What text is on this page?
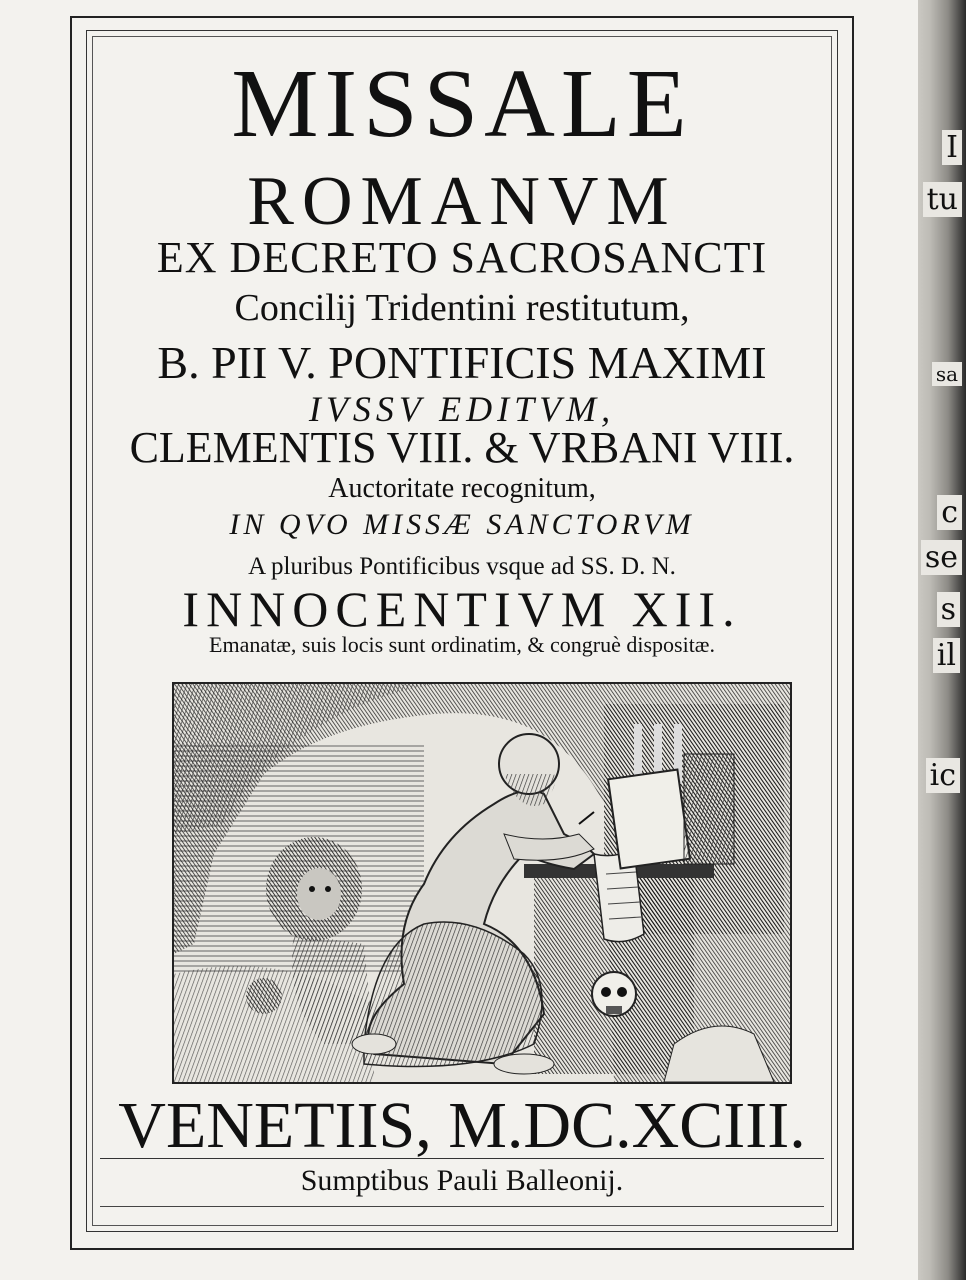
I
tu
sa
c
se
s
il
ic
MISSALE
ROMANVM
EX DECRETO SACROSANCTI
Concilij Tridentini restitutum,
B. PII V. PONTIFICIS MAXIMI
IVSSV EDITVM,
CLEMENTIS VIII. & VRBANI VIII.
Auctoritate recognitum,
IN QVO MISSÆ SANCTORVM
A pluribus Pontificibus vsque ad SS. D. N.
INNOCENTIVM XII.
Emanatæ, suis locis sunt ordinatim, & congruè dispositæ.
VENETIIS, M.DC.XCIII.
Sumptibus Pauli Balleonij.
